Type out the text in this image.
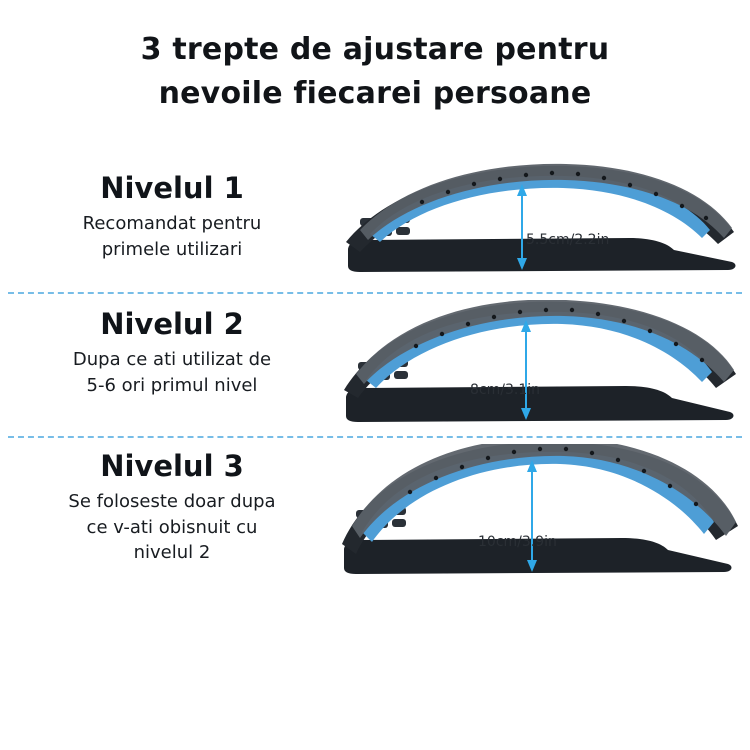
3 trepte de ajustare pentru
nevoile fiecarei persoane
Nivelul 1
Recomandat pentru
primele utilizari	5.5cm/2.2in
Nivelul 2
Dupa ce ati utilizat de
5-6 ori primul nivel	8cm/3.1in
Nivelul 3
Se foloseste doar dupa
ce v-ati obisnuit cu
nivelul 2
10cm/3.9in
